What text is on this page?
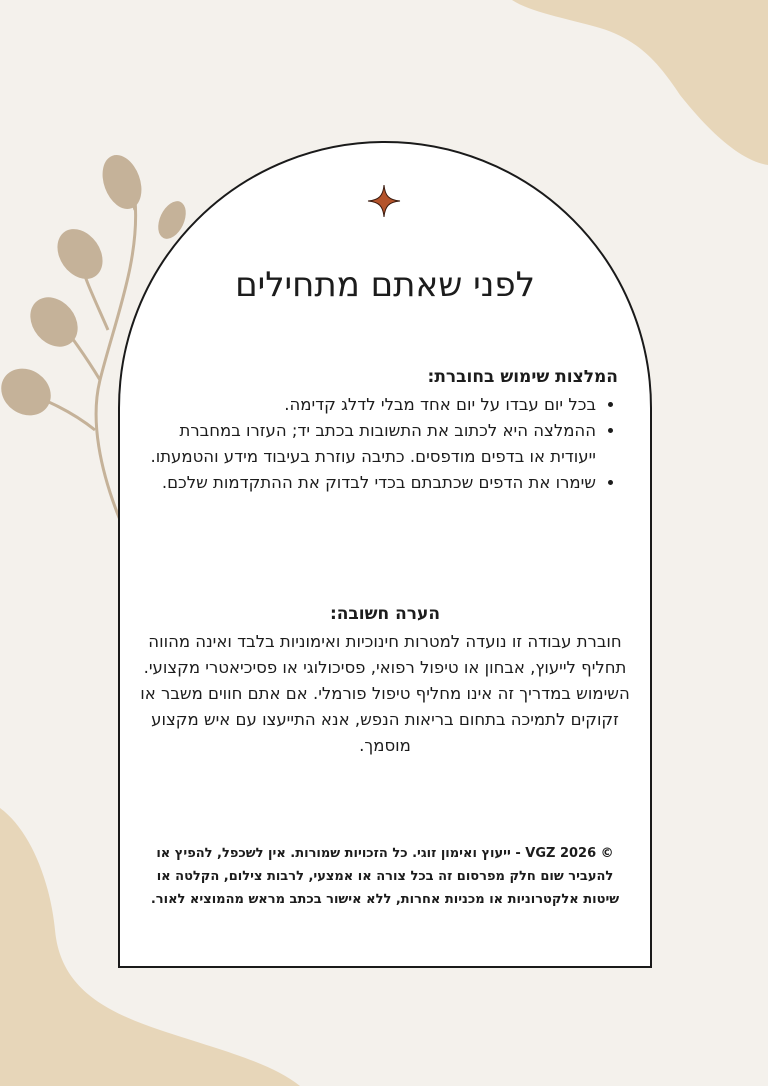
לפני שאתם מתחילים

המלצות שימוש בחוברת:

• בכל יום עבדו על יום אחד מבלי לדלג קדימה.
• ההמלצה היא לכתוב את התשובות בכתב יד; העזרו במחברת ייעודית או בדפים מודפסים. כתיבה עוזרת בעיבוד מידע והטמעתו.
• שימרו את הדפים שכתבתם בכדי לבדוק את ההתקדמות שלכם.

הערה חשובה:

חוברת עבודה זו נועדה למטרות חינוכיות ואימוניות בלבד ואינה מהווה תחליף לייעוץ, אבחון או טיפול רפואי, פסיכולוגי או פסיכיאטרי מקצועי. השימוש במדריך זה אינו מחליף טיפול פורמלי. אם אתם חווים משבר או זקוקים לתמיכה בתחום בריאות הנפש, אנא התייעצו עם איש מקצוע מוסמך.

© VGZ 2026 - ייעוץ ואימון זוגי. כל הזכויות שמורות. אין לשכפל, להפיץ או להעביר שום חלק מפרסום זה בכל צורה או אמצעי, לרבות צילום, הקלטה או שיטות אלקטרוניות או מכניות אחרות, ללא אישור בכתב מראש מהמוציא לאור.
